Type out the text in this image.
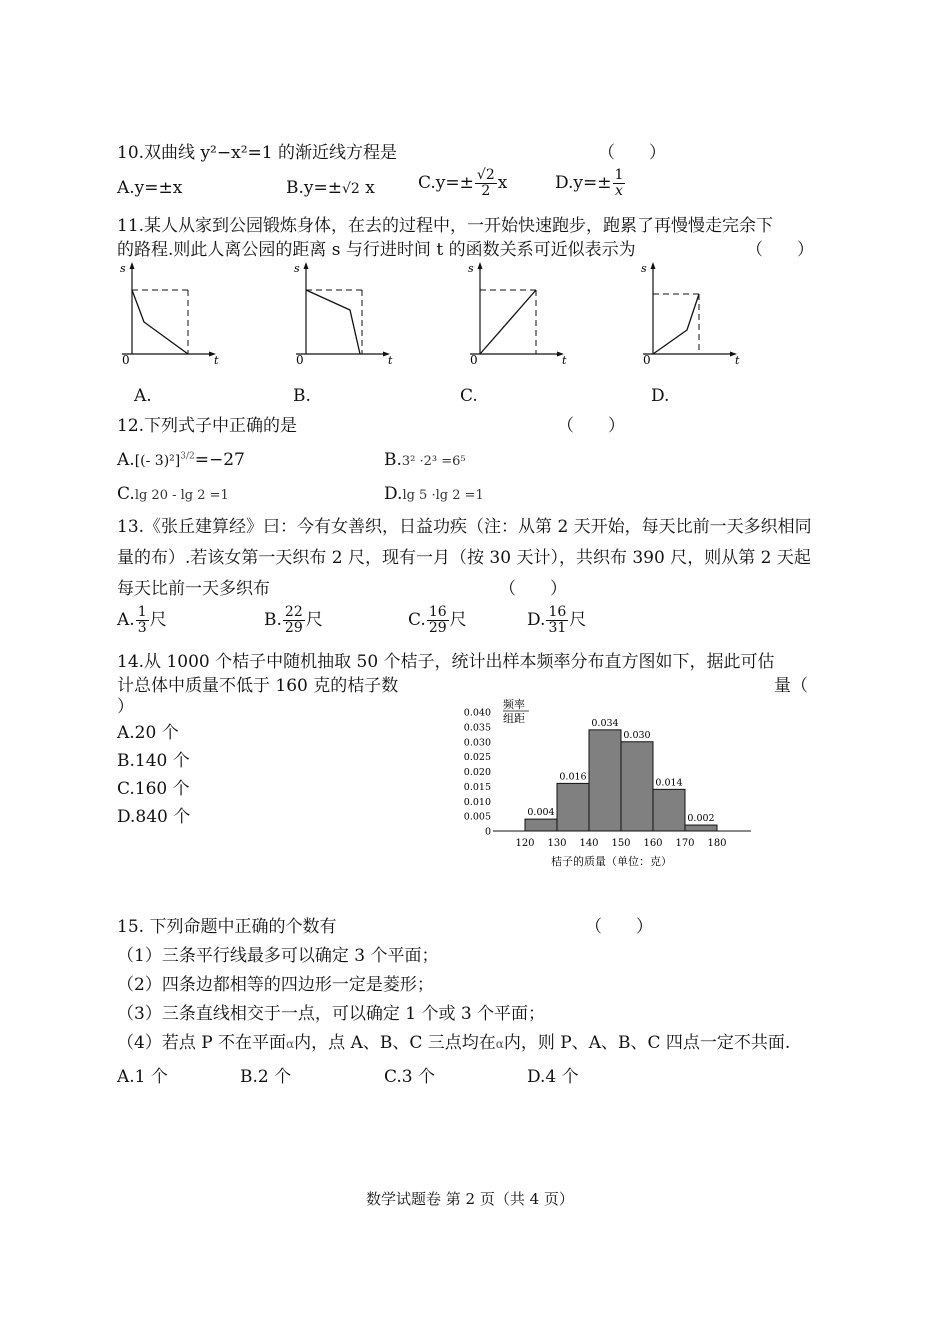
10.双曲线 y²−x²=1 的渐近线方程是	（　　）
A.y=±x	B.y=±√2 x	$C.y=\pm \frac{√2}{2}$ x	$D.y=\pm \frac{1}{x}$
11.某人从家到公园锻炼身体，在去的过程中，一开始快速跑步，跑累了再慢慢走完余下
的路程.则此人离公园的距离 s 与行进时间 t 的函数关系可近似表示为	（　　）
s
t
0
s
t
0
s
t
0
s
t
0
A.	B.	C.	D.
12.下列式子中正确的是	（　　）
A.[(- 3)²]$^{3/2}$=−27	B.3² ·2³ =6⁵
C.lg 20 - lg 2 =1	D.lg 5 ·lg 2 =1
13.《张丘建算经》曰：今有女善织，日益功疾（注：从第 2 天开始，每天比前一天多织相同
量的布）.若该女第一天织布 2 尺，现有一月（按 30 天计），共织布 390 尺，则从第 2 天起
每天比前一天多织布	（　　）
A. $\frac{1}{3}$ 尺	B. $\frac{22}{29}$ 尺	C. $\frac{16}{29}$ 尺	D. $\frac{16}{31}$ 尺
14.从 1000 个桔子中随机抽取 50 个桔子，统计出样本频率分布直方图如下，据此可估
计总体中质量不低于 160 克的桔子数	量（
）
A.20 个
B.140 个
C.160 个
D.840 个
频率
组距
0.040
0.035
0.030
0.025
0.020
0.015
0.010
0.005
0
0.004
0.016
0.034
0.030
0.014
0.002
120 130 140 150 160 170 180
桔子的质量（单位：克）
15. 下列命题中正确的个数有	（　　）
（1）三条平行线最多可以确定 3 个平面；
（2）四条边都相等的四边形一定是菱形；
（3）三条直线相交于一点，可以确定 1 个或 3 个平面；
（4）若点 P 不在平面α内，点 A、B、C 三点均在α内，则 P、A、B、C 四点一定不共面.
A.1 个	B.2 个	C.3 个	D.4 个
数学试题卷 第 2 页（共 4 页）
